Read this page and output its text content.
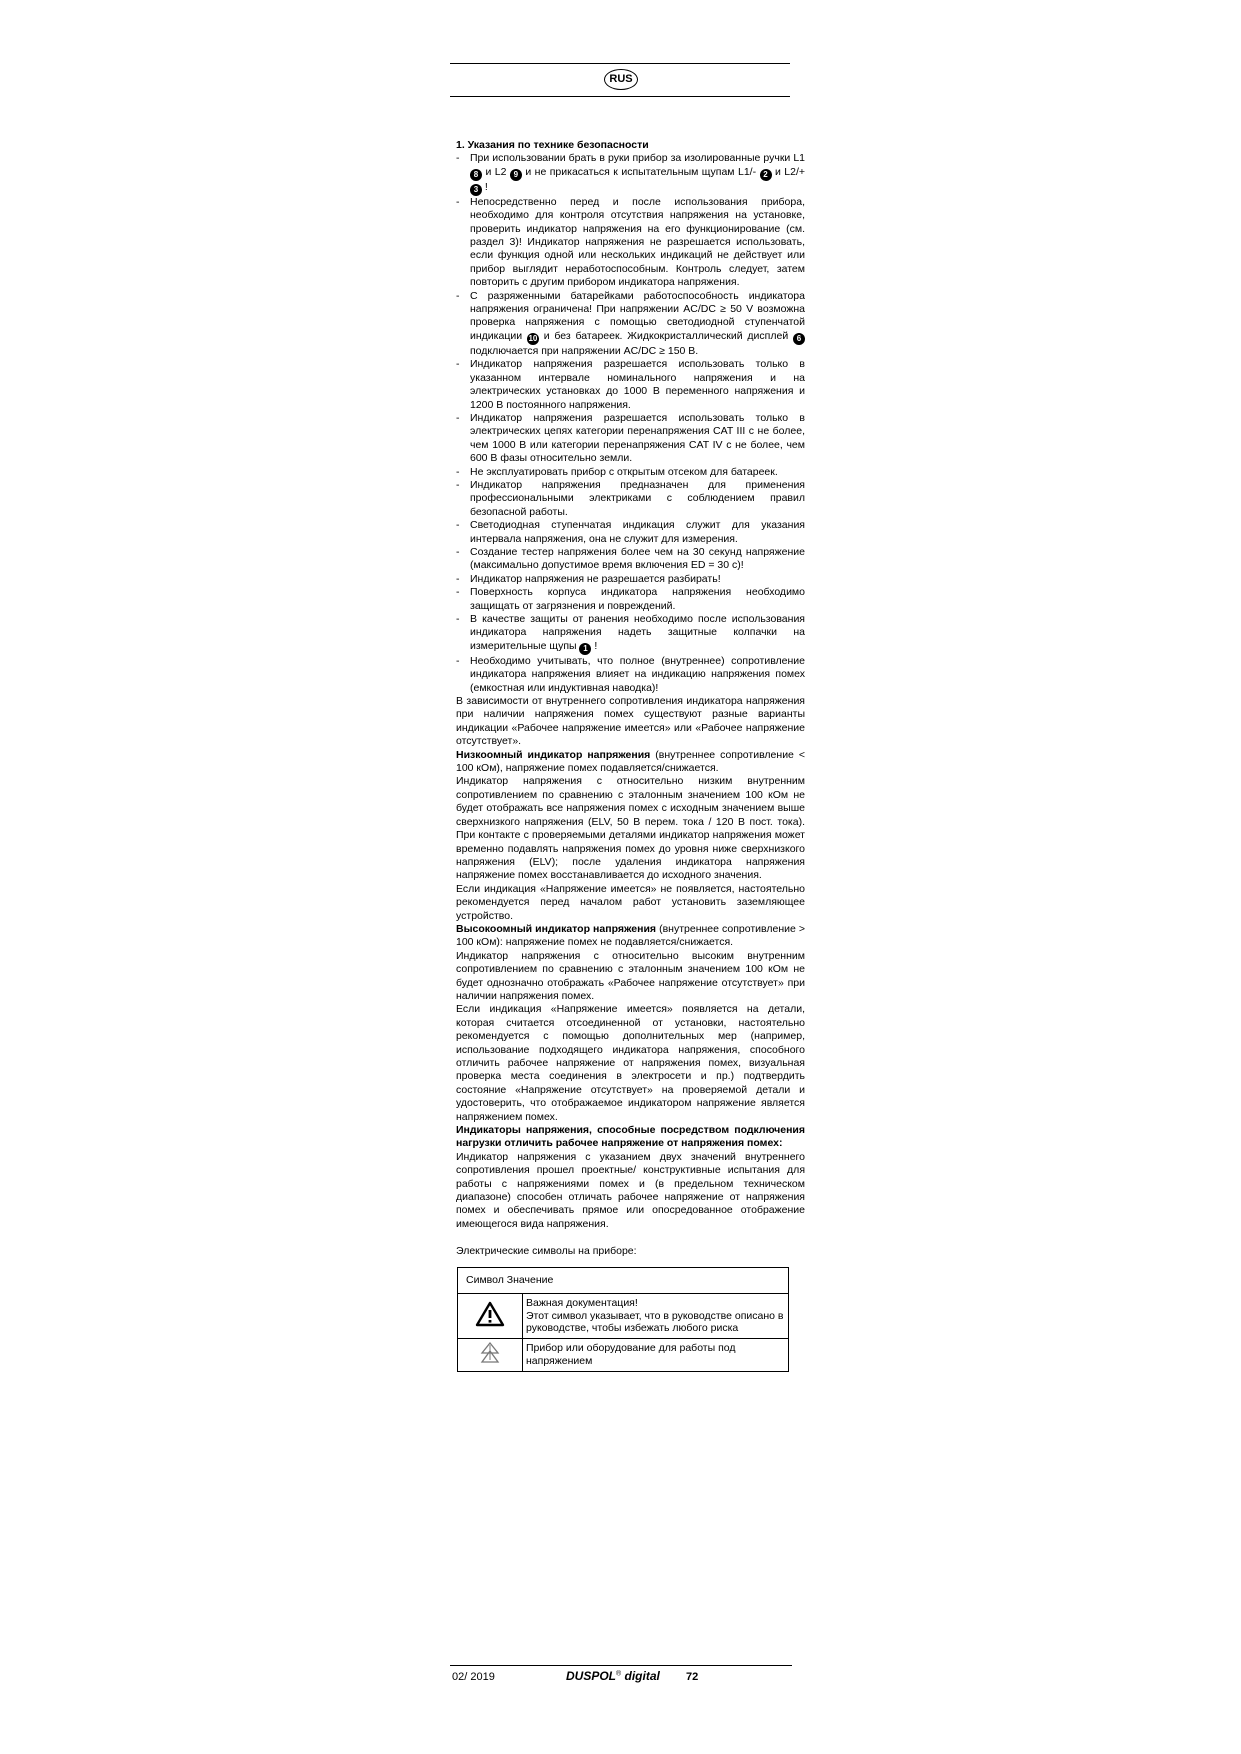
RUS
1. Указания по технике безопасности
- При использовании брать в руки прибор за изолированные ручки L1 8 и L2 9 и не прикасаться к испытательным щупам L1/- 2 и L2/+ 3 !
- Непосредственно перед и после использования прибора, необходимо для контроля отсутствия напряжения на установке, проверить индикатор напряжения на его функционирование (см. раздел 3)! Индикатор напряжения не разрешается использовать, если функция одной или нескольких индикаций не действует или прибор выглядит неработоспособным. Контроль следует, затем повторить с другим прибором индикатора напряжения.
- С разряженными батарейками работоспособность индикатора напряжения ограничена! При напряжении AC/DC ≥ 50 V возможна проверка напряжения с помощью светодиодной ступенчатой индикации 10 и без батареек. Жидкокристаллический дисплей 6 подключается при напряжении AC/DC ≥ 150 В.
- Индикатор напряжения разрешается использовать только в указанном интервале номинального напряжения и на электрических установках до 1000 В переменного напряжения и 1200 В постоянного напряжения.
- Индикатор напряжения разрешается использовать только в электрических цепях категории перенапряжения CAT III с не более, чем 1000 В или категории перенапряжения CAT IV с не более, чем 600 В фазы относительно земли.
- Не эксплуатировать прибор с открытым отсеком для батареек.
- Индикатор напряжения предназначен для применения профессиональными электриками с соблюдением правил безопасной работы.
- Светодиодная ступенчатая индикация служит для указания интервала напряжения, она не служит для измерения.
- Создание тестер напряжения более чем на 30 секунд напряжение (максимально допустимое время включения ED = 30 с)!
- Индикатор напряжения не разрешается разбирать!
- Поверхность корпуса индикатора напряжения необходимо защищать от загрязнения и повреждений.
- В качестве защиты от ранения необходимо после использования индикатора напряжения надеть защитные колпачки на измерительные щупы 1 !
- Необходимо учитывать, что полное (внутреннее) сопротивление индикатора напряжения влияет на индикацию напряжения помех (емкостная или индуктивная наводка)!
В зависимости от внутреннего сопротивления индикатора напряжения при наличии напряжения помех существуют разные варианты индикации «Рабочее напряжение имеется» или «Рабочее напряжение отсутствует».
Низкоомный индикатор напряжения (внутреннее сопротивление < 100 кОм), напряжение помех подавляется/снижается.
Индикатор напряжения с относительно низким внутренним сопротивлением по сравнению с эталонным значением 100 кОм не будет отображать все напряжения помех с исходным значением выше сверхнизкого напряжения (ELV, 50 В перем. тока / 120 В пост. тока). При контакте с проверяемыми деталями индикатор напряжения может временно подавлять напряжения помех до уровня ниже сверхнизкого напряжения (ELV); после удаления индикатора напряжения напряжение помех восстанавливается до исходного значения.
Если индикация «Напряжение имеется» не появляется, настоятельно рекомендуется перед началом работ установить заземляющее устройство.
Высокоомный индикатор напряжения (внутреннее сопротивление > 100 кОм): напряжение помех не подавляется/снижается.
Индикатор напряжения с относительно высоким внутренним сопротивлением по сравнению с эталонным значением 100 кОм не будет однозначно отображать «Рабочее напряжение отсутствует» при наличии напряжения помех.
Если индикация «Напряжение имеется» появляется на детали, которая считается отсоединенной от установки, настоятельно рекомендуется с помощью дополнительных мер (например, использование подходящего индикатора напряжения, способного отличить рабочее напряжение от напряжения помех, визуальная проверка места соединения в электросети и пр.) подтвердить состояние «Напряжение отсутствует» на проверяемой детали и удостоверить, что отображаемое индикатором напряжение является напряжением помех.
Индикаторы напряжения, способные посредством подключения нагрузки отличить рабочее напряжение от напряжения помех:
Индикатор напряжения с указанием двух значений внутреннего сопротивления прошел проектные/ конструктивные испытания для работы с напряжениями помех и (в предельном техническом диапазоне) способен отличать рабочее напряжение от напряжения помех и обеспечивать прямое или опосредованное отображение имеющегося вида напряжения.
Электрические символы на приборе:
Символ Значение	
	Важная документация!
Этот символ указывает, что в руководстве описано в руководстве, чтобы избежать любого риска
	Прибор или оборудование для работы под напряжением
02/ 2019	DUSPOL® digital 72
